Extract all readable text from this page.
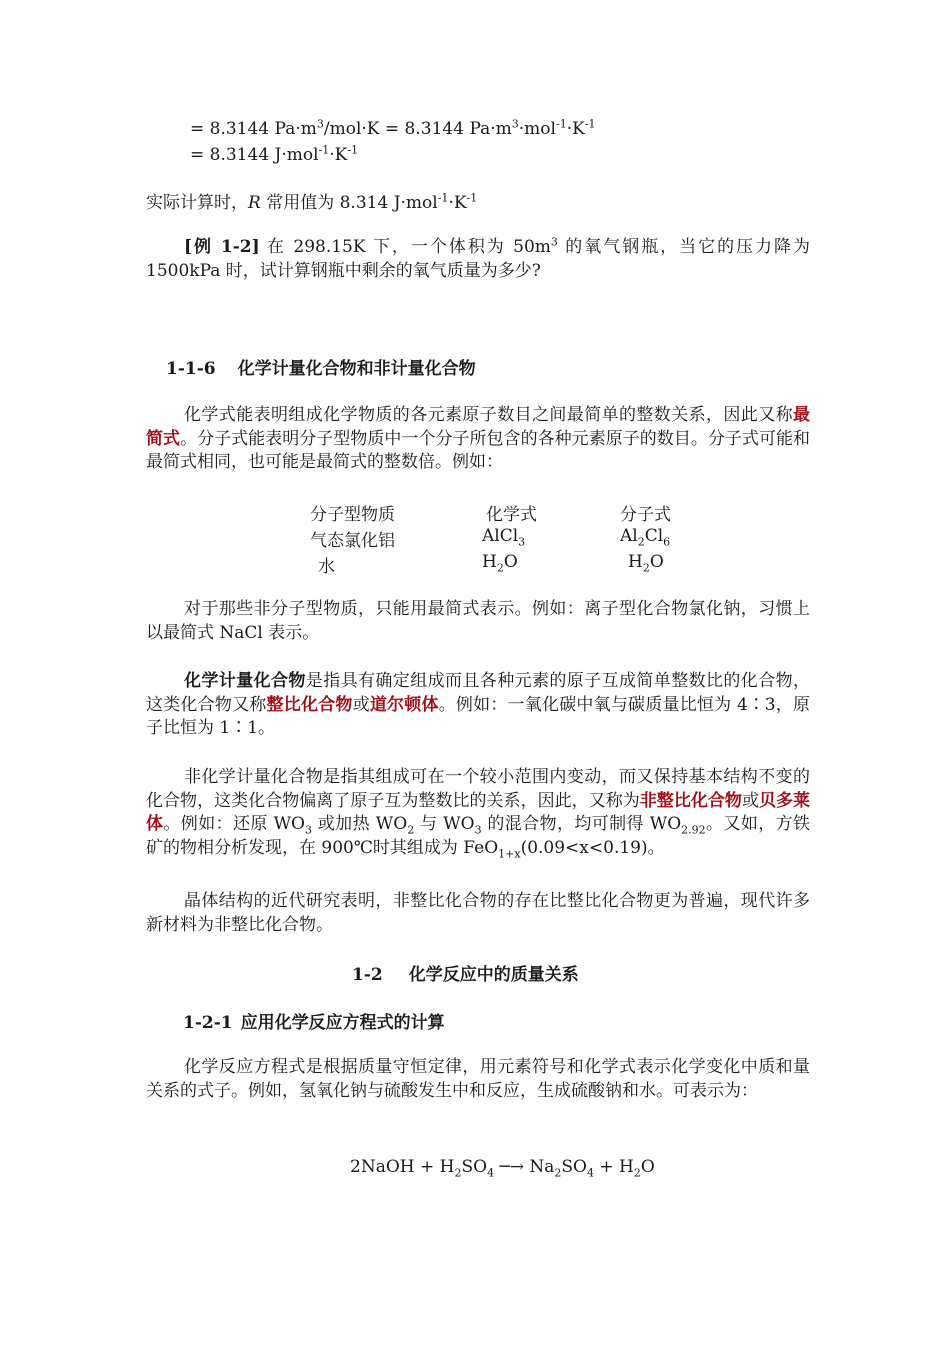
= 8.3144 $Pa\cdot m^3/mol\cdot K = 8.3144$ $Pa\cdot m^3\cdot mol^{-1}\cdot K^{-1}$
= 8.3144 $J\cdot mol^{-1}\cdot K^{-1}$
实际计算时，R 常用值为 8.314 $J\cdot mol^{-1}\cdot K^{-1}$
[例 1-2] 在 298.15K 下，一个体积为 $50m^3$ 的氧气钢瓶，当它的压力降为 1500kPa 时，试计算钢瓶中剩余的氧气质量为多少?
1-1-6 化学计量化合物和非计量化合物
化学式能表明组成化学物质的各元素原子数目之间最简单的整数关系，因此又称最简式。分子式能表明分子型物质中一个分子所包含的各种元素原子的数目。分子式可能和最简式相同，也可能是最简式的整数倍。例如：
分子型物质	化学式	分子式
气态氯化铝	AlCl$_3$	$Al_2Cl_6$
水	$H_2O$	$H_2O$
对于那些非分子型物质，只能用最简式表示。例如：离子型化合物氯化钠，习惯上以最简式 NaCl 表示。
化学计量化合物是指具有确定组成而且各种元素的原子互成简单整数比的化合物，这类化合物又称整比化合物或道尔顿体。例如：一氧化碳中氧与碳质量比恒为 4∶3，原子比恒为 1∶1。
非化学计量化合物是指其组成可在一个较小范围内变动，而又保持基本结构不变的化合物，这类化合物偏离了原子互为整数比的关系，因此，又称为非整比化合物或贝多莱体。例如：还原 $WO_3$ 或加热 $WO_2$ 与 $WO_3$ 的混合物，均可制得 $WO_{2.92}$。又如，方铁矿的物相分析发现，在 900℃时其组成为 FeO$_{1+x}$(0.09<x<0.19)。
晶体结构的近代研究表明，非整比化合物的存在比整比化合物更为普遍，现代许多新材料为非整比化合物。
1-2 化学反应中的质量关系
1-2-1 应用化学反应方程式的计算
化学反应方程式是根据质量守恒定律，用元素符号和化学式表示化学变化中质和量关系的式子。例如，氢氧化钠与硫酸发生中和反应，生成硫酸钠和水。可表示为：
2NaOH + $H_2SO_4$ ─→ $Na_2SO_4 + H_2O$
